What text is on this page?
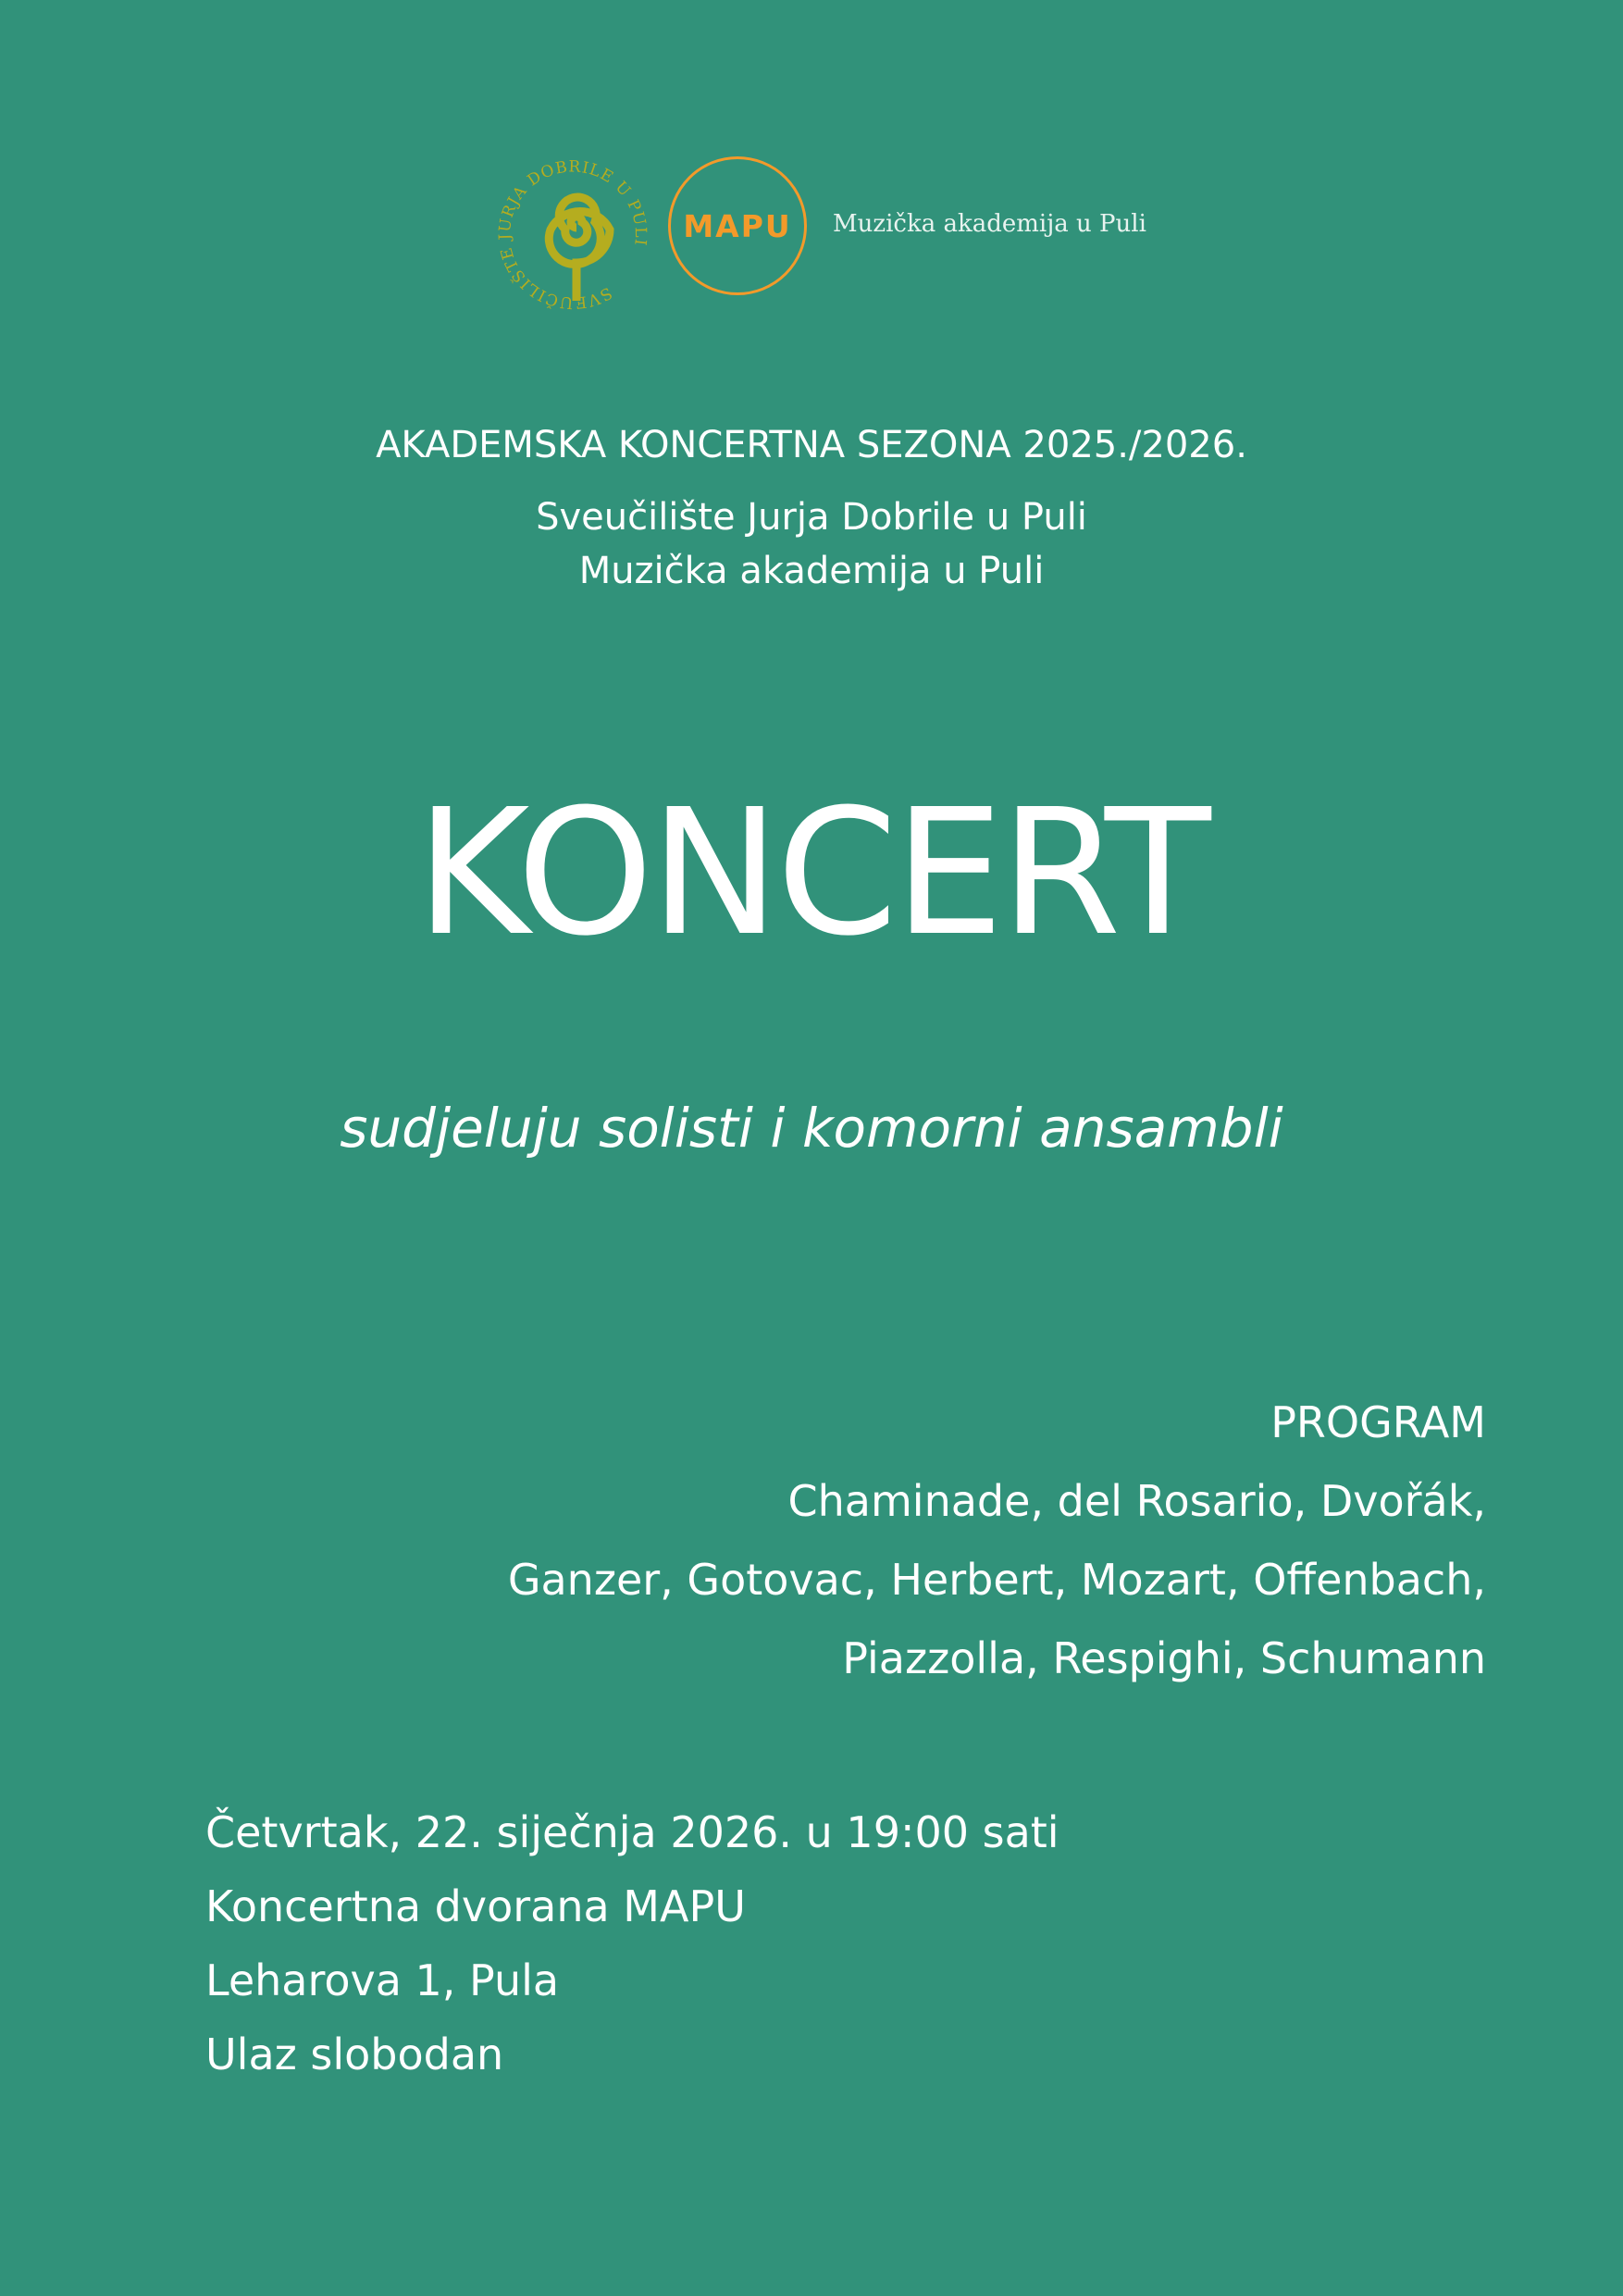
SVEUČILIŠTE JURJA DOBRILE U PULI MAPU Muzička akademija u Puli
AKADEMSKA KONCERTNA SEZONA 2025./2026.
Sveučilište Jurja Dobrile u Puli
Muzička akademija u Puli
KONCERT
sudjeluju solisti i komorni ansambli
PROGRAM
Chaminade, del Rosario, Dvořák,
Ganzer, Gotovac, Herbert, Mozart, Offenbach,
Piazzolla, Respighi, Schumann
Četvrtak, 22. siječnja 2026. u 19:00 sati
Koncertna dvorana MAPU
Leharova 1, Pula
Ulaz slobodan
